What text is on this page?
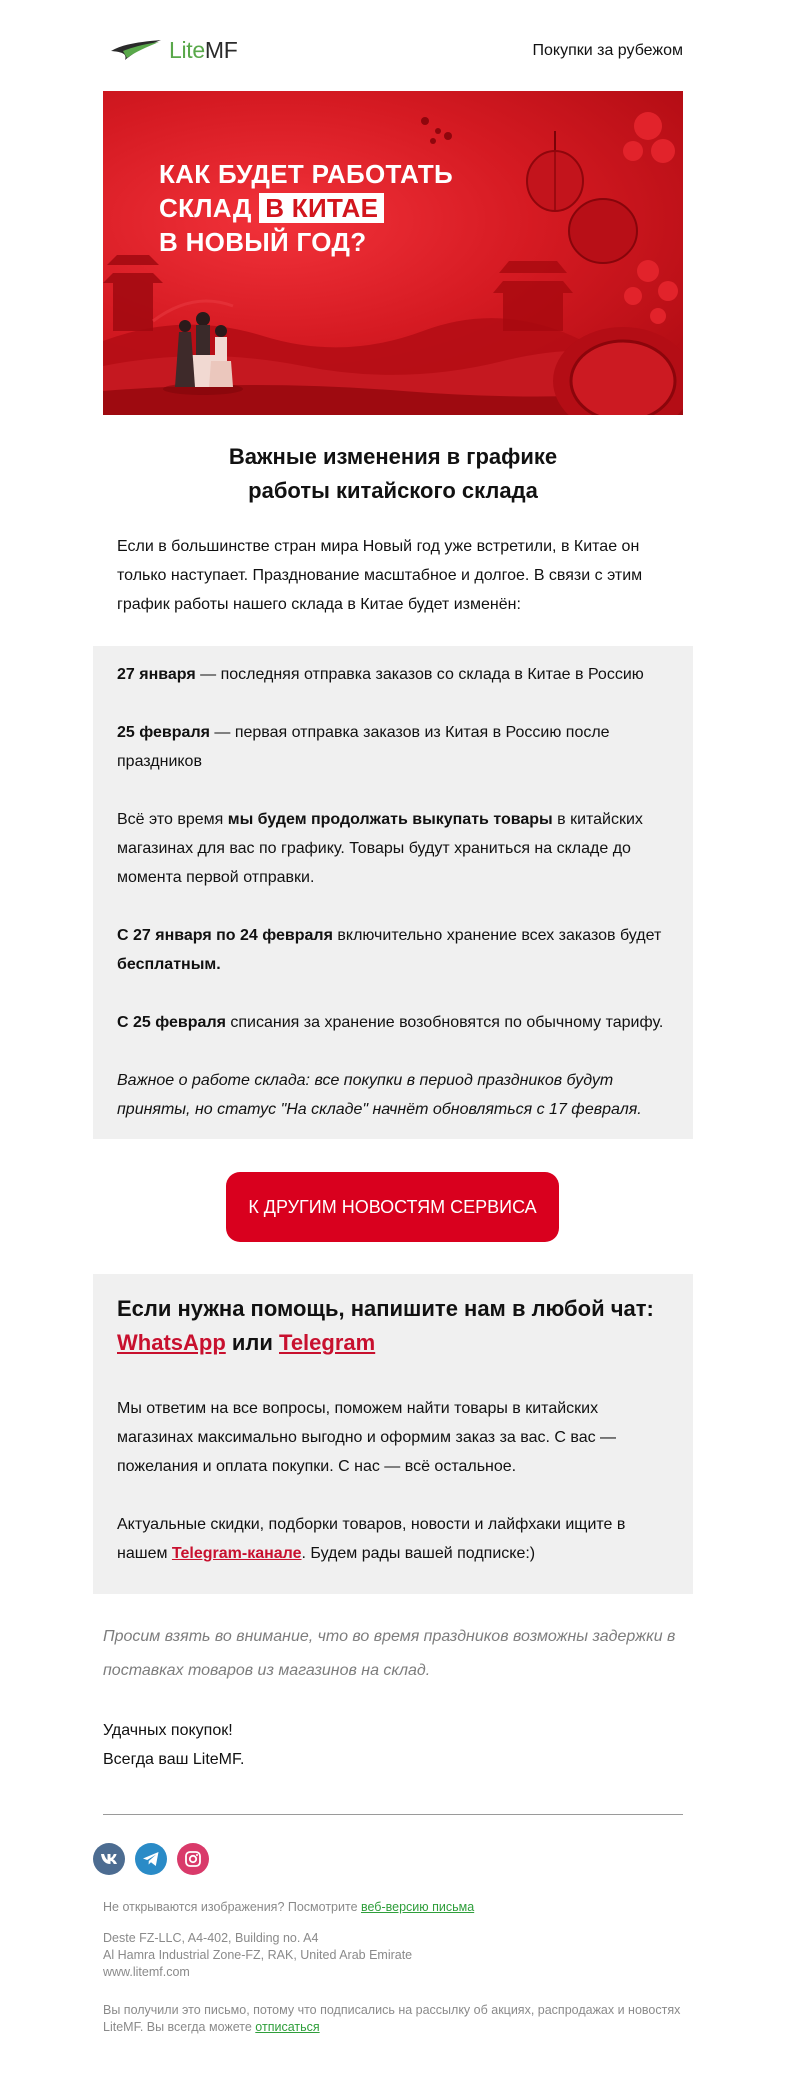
LiteMF	Покупки за рубежом
КАК БУДЕТ РАБОТАТЬ
СКЛАД В КИТАЕ
В НОВЫЙ ГОД?
Важные изменения в графике
работы китайского склада

Если в большинстве стран мира Новый год уже встретили, в Китае он только наступает. Празднование масштабное и долгое. В связи с этим график работы нашего склада в Китае будет изменён:

27 января — последняя отправка заказов со склада в Китае в Россию

25 февраля — первая отправка заказов из Китая в Россию после праздников

Всё это время мы будем продолжать выкупать товары в китайских магазинах для вас по графику. Товары будут храниться на складе до момента первой отправки.

С 27 января по 24 февраля включительно хранение всех заказов будет бесплатным.

С 25 февраля списания за хранение возобновятся по обычному тарифу.

Важное о работе склада: все покупки в период праздников будут приняты, но статус "На складе" начнёт обновляться с 17 февраля.

К ДРУГИМ НОВОСТЯМ СЕРВИСА
Если нужна помощь, напишите нам в любой чат:
WhatsApp или Telegram

Мы ответим на все вопросы, поможем найти товары в китайских магазинах максимально выгодно и оформим заказ за вас. С вас — пожелания и оплата покупки. С нас — всё остальное.

Актуальные скидки, подборки товаров, новости и лайфхаки ищите в нашем Telegram-канале. Будем рады вашей подписке:)

Просим взять во внимание, что во время праздников возможны задержки в поставках товаров из магазинов на склад.

Удачных покупок!
Всегда ваш LiteMF.
Не открываются изображения? Посмотрите веб-версию письма
Deste FZ-LLC, A4-402, Building no. A4
Al Hamra Industrial Zone-FZ, RAK, United Arab Emirate
www.litemf.com
Вы получили это письмо, потому что подписались на рассылку об акциях, распродажах и новостях LiteMF. Вы всегда можете отписаться
